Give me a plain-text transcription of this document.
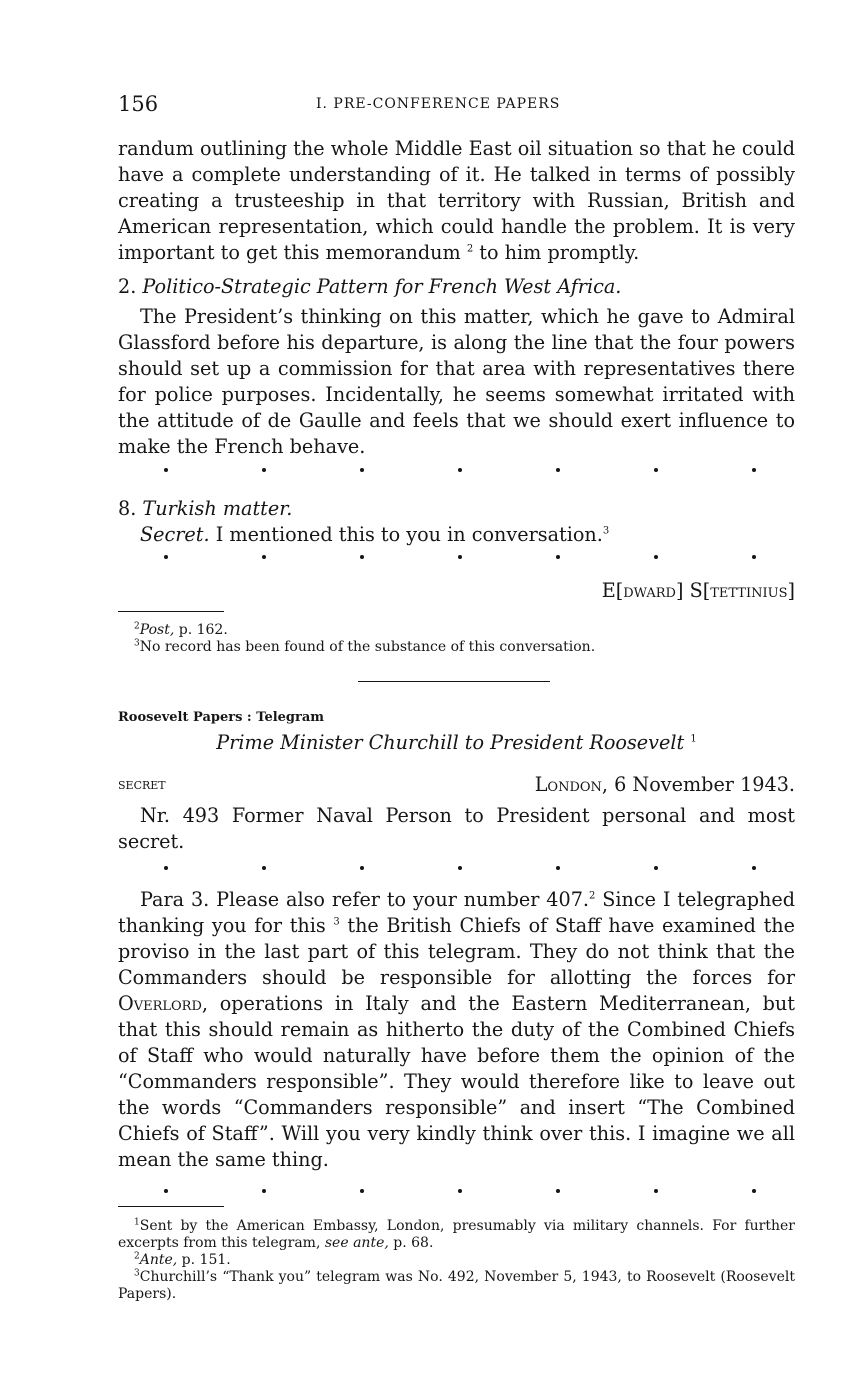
156	I. PRE-CONFERENCE PAPERS

randum outlining the whole Middle East oil situation so that he could have a complete understanding of it. He talked in terms of possibly creating a trusteeship in that territory with Russian, British and American representation, which could handle the problem. It is very important to get this memorandum $^2$ to him promptly.

2. Politico-Strategic Pattern for French West Africa.

The President’s thinking on this matter, which he gave to Admiral Glassford before his departure, is along the line that the four powers should set up a commission for that area with representatives there for police purposes. Incidentally, he seems somewhat irritated with the attitude of de Gaulle and feels that we should exert influence to make the French behave.

8. Turkish matter.

Secret. I mentioned this to you in conversation.$^3$

E[dward] S[tettinius]

$^2$Post, p. 162.

$^3$No record has been found of the substance of this conversation.

Roosevelt Papers : Telegram

Prime Minister Churchill to President Roosevelt $^1$

secret	London, 6 November 1943.

Nr. 493 Former Naval Person to President personal and most secret.

Para 3. Please also refer to your number 407.$^2$ Since I telegraphed thanking you for this $^3$ the British Chiefs of Staff have examined the proviso in the last part of this telegram. They do not think that the Commanders should be responsible for allotting the forces for Overlord, operations in Italy and the Eastern Mediterranean, but that this should remain as hitherto the duty of the Combined Chiefs of Staff who would naturally have before them the opinion of the “Commanders responsible”. They would therefore like to leave out the words “Commanders responsible” and insert “The Combined Chiefs of Staff”. Will you very kindly think over this. I imagine we all mean the same thing.

$^1$Sent by the American Embassy, London, presumably via military channels. For further excerpts from this telegram, see ante, p. 68.

$^2$Ante, p. 151.

$^3$Churchill’s “Thank you” telegram was No. 492, November 5, 1943, to Roosevelt (Roosevelt Papers).
